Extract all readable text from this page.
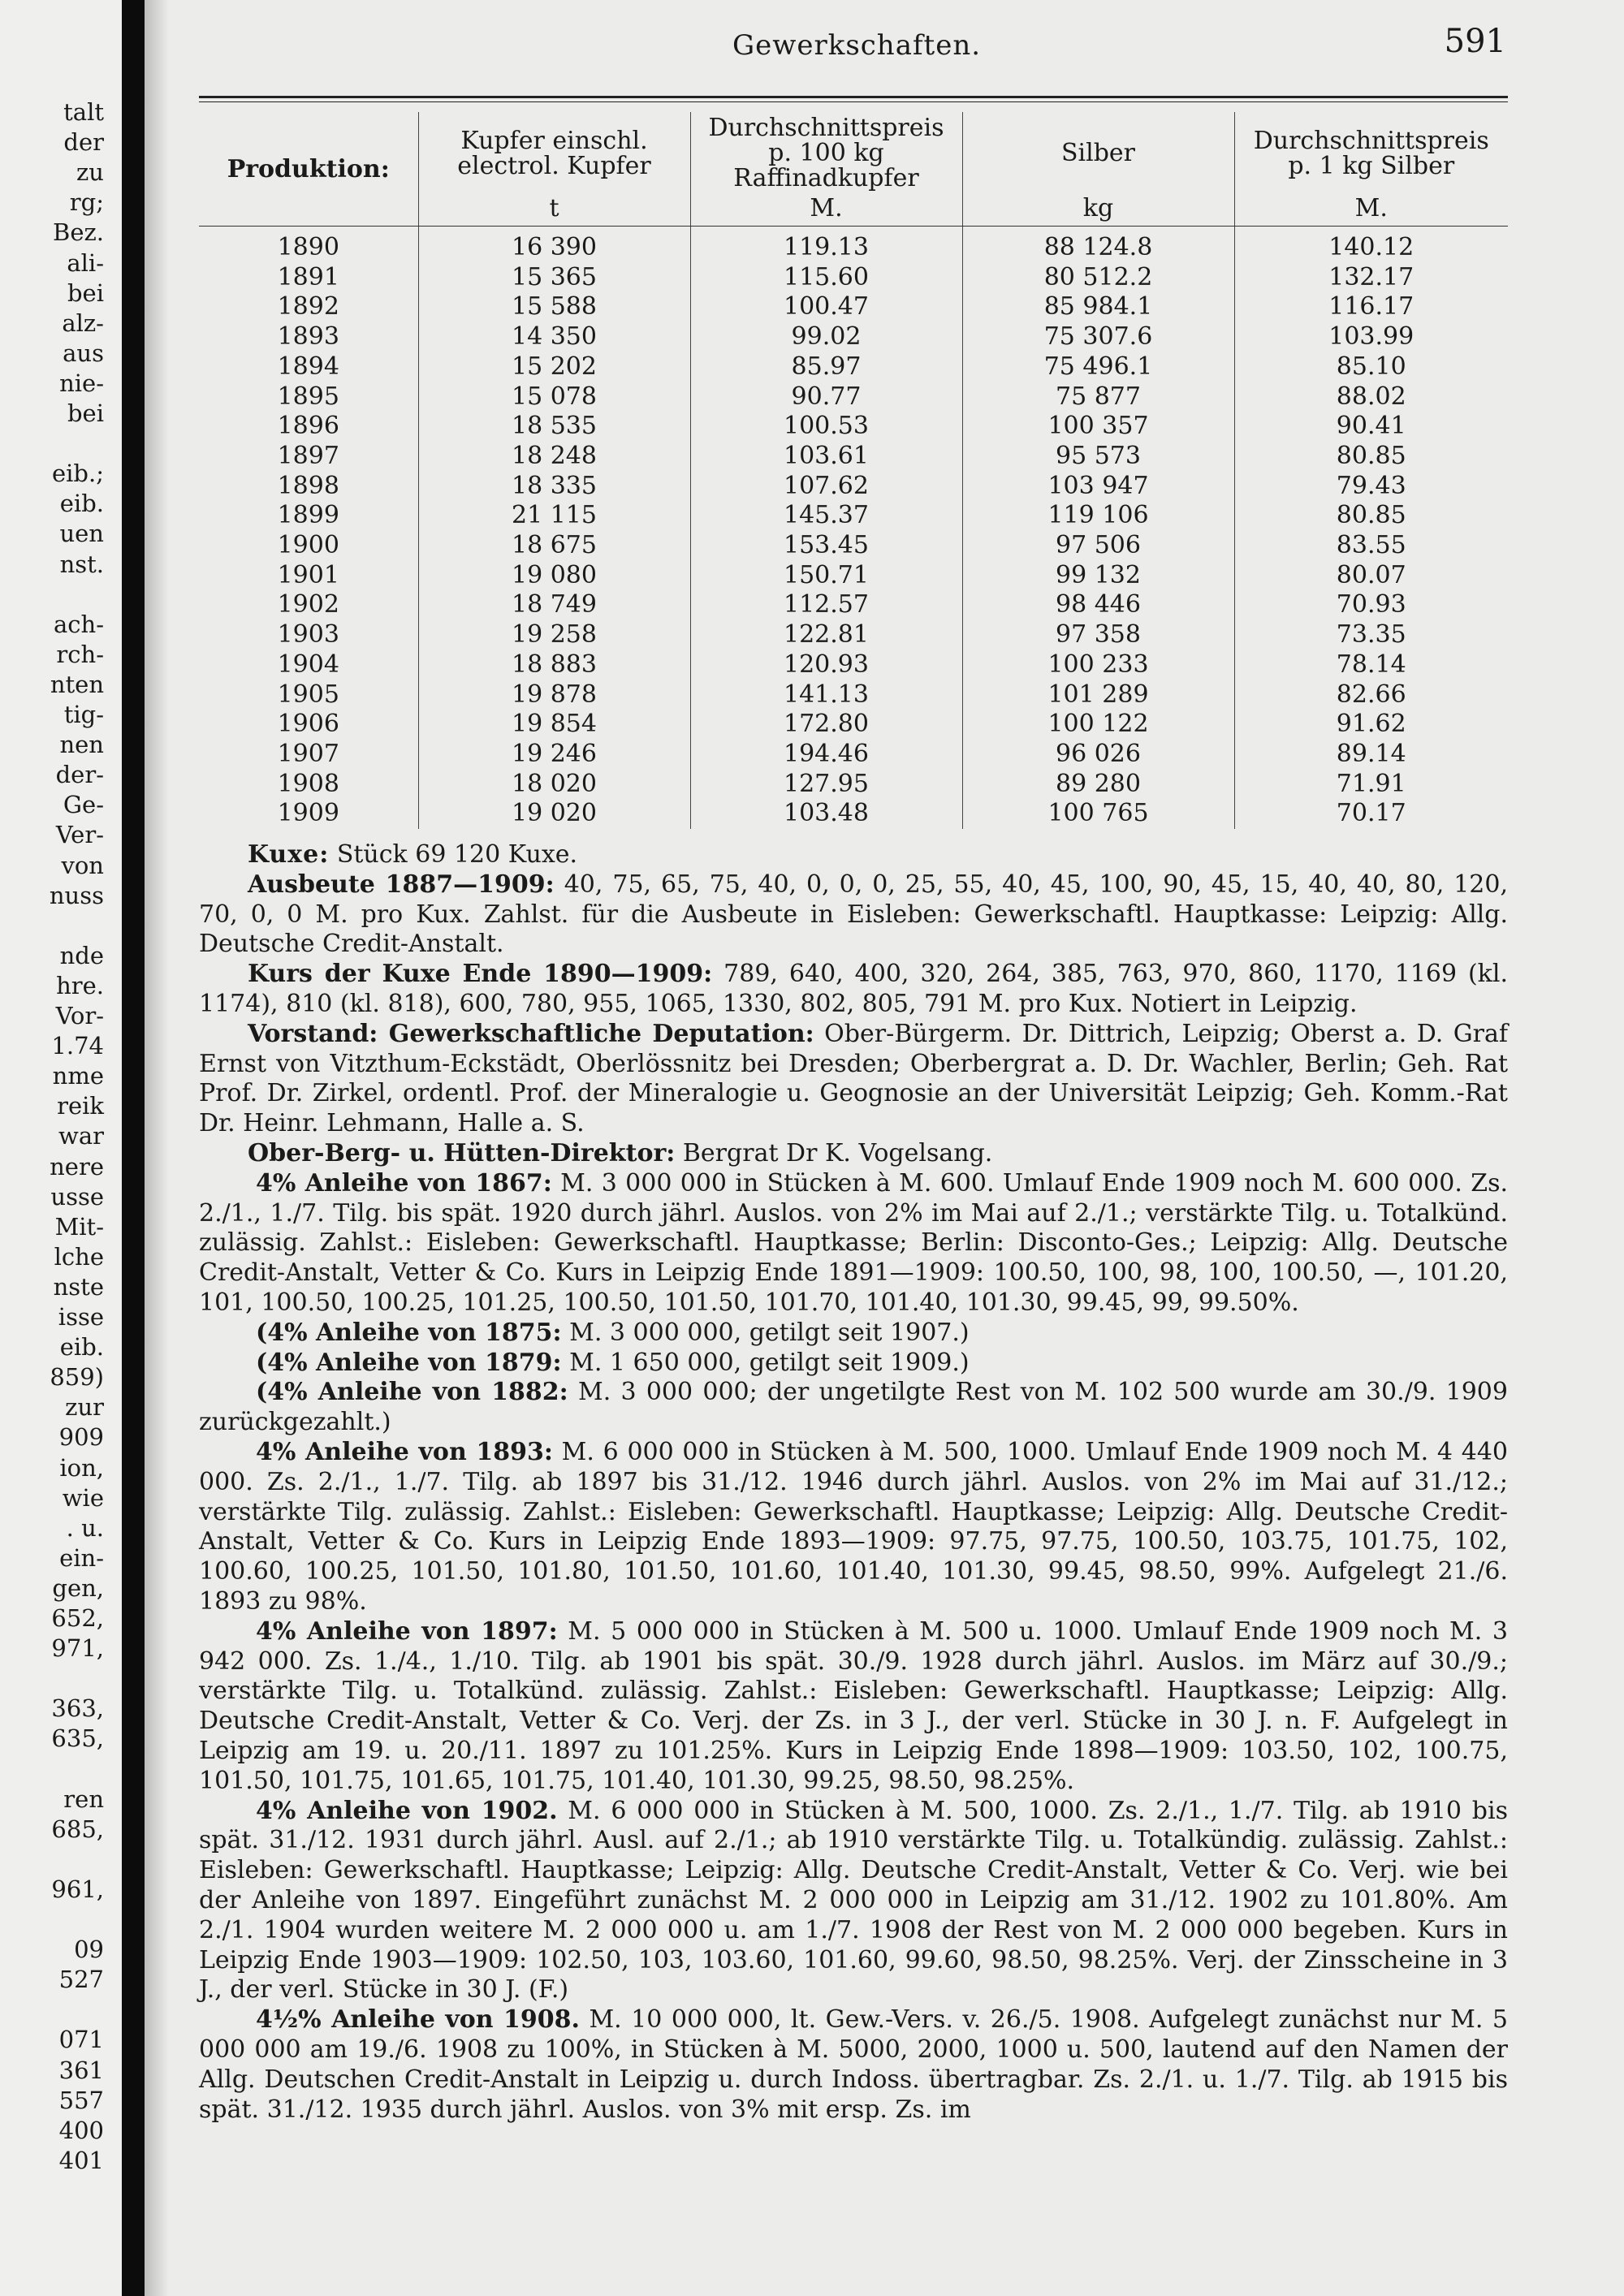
talt
der
zu
rg;
Bez.
ali-
bei
alz-
aus
nie-
bei
eib.;
eib.
uen
nst.
ach-
rch-
nten
tig-
nen
der-
Ge-
Ver-
von
nuss
nde
hre.
Vor-
1.74
nme
reik
war
nere
usse
Mit-
lche
nste
isse
eib.
859)
zur
909
ion,
wie
. u.
ein-
gen,
652,
971,
363,
635,
ren
685,
961,
09
527
071
361
557
400
401
Gewerkschaften.	591
Produktion:	Kupfer einschl. electrol. Kupfer	Durchschnittspreis p. 100 kg Raffinadkupfer	Silber	Durchschnittspreis p. 1 kg Silber
	t	M.	kg	M.
1890	16 390	119.13	88 124.8	140.12
1891	15 365	115.60	80 512.2	132.17
1892	15 588	100.47	85 984.1	116.17
1893	14 350	99.02	75 307.6	103.99
1894	15 202	85.97	75 496.1	85.10
1895	15 078	90.77	75 877	88.02
1896	18 535	100.53	100 357	90.41
1897	18 248	103.61	95 573	80.85
1898	18 335	107.62	103 947	79.43
1899	21 115	145.37	119 106	80.85
1900	18 675	153.45	97 506	83.55
1901	19 080	150.71	99 132	80.07
1902	18 749	112.57	98 446	70.93
1903	19 258	122.81	97 358	73.35
1904	18 883	120.93	100 233	78.14
1905	19 878	141.13	101 289	82.66
1906	19 854	172.80	100 122	91.62
1907	19 246	194.46	96 026	89.14
1908	18 020	127.95	89 280	71.91
1909	19 020	103.48	100 765	70.17

Kuxe: Stück 69 120 Kuxe.

Ausbeute 1887—1909: 40, 75, 65, 75, 40, 0, 0, 0, 25, 55, 40, 45, 100, 90, 45, 15, 40, 40, 80, 120, 70, 0, 0 M. pro Kux. Zahlst. für die Ausbeute in Eisleben: Gewerkschaftl. Hauptkasse: Leipzig: Allg. Deutsche Credit-Anstalt.

Kurs der Kuxe Ende 1890—1909: 789, 640, 400, 320, 264, 385, 763, 970, 860, 1170, 1169 (kl. 1174), 810 (kl. 818), 600, 780, 955, 1065, 1330, 802, 805, 791 M. pro Kux. Notiert in Leipzig.

Vorstand: Gewerkschaftliche Deputation: Ober-Bürgerm. Dr. Dittrich, Leipzig; Oberst a. D. Graf Ernst von Vitzthum-Eckstädt, Oberlössnitz bei Dresden; Oberbergrat a. D. Dr. Wachler, Berlin; Geh. Rat Prof. Dr. Zirkel, ordentl. Prof. der Mineralogie u. Geognosie an der Universität Leipzig; Geh. Komm.-Rat Dr. Heinr. Lehmann, Halle a. S.

Ober-Berg- u. Hütten-Direktor: Bergrat Dr K. Vogelsang.

4% Anleihe von 1867: M. 3 000 000 in Stücken à M. 600. Umlauf Ende 1909 noch M. 600 000. Zs. 2./1., 1./7. Tilg. bis spät. 1920 durch jährl. Auslos. von 2% im Mai auf 2./1.; verstärkte Tilg. u. Totalkünd. zulässig. Zahlst.: Eisleben: Gewerkschaftl. Hauptkasse; Berlin: Disconto-Ges.; Leipzig: Allg. Deutsche Credit-Anstalt, Vetter & Co. Kurs in Leipzig Ende 1891—1909: 100.50, 100, 98, 100, 100.50, —, 101.20, 101, 100.50, 100.25, 101.25, 100.50, 101.50, 101.70, 101.40, 101.30, 99.45, 99, 99.50%.

(4% Anleihe von 1875: M. 3 000 000, getilgt seit 1907.)

(4% Anleihe von 1879: M. 1 650 000, getilgt seit 1909.)

(4% Anleihe von 1882: M. 3 000 000; der ungetilgte Rest von M. 102 500 wurde am 30./9. 1909 zurückgezahlt.)

4% Anleihe von 1893: M. 6 000 000 in Stücken à M. 500, 1000. Umlauf Ende 1909 noch M. 4 440 000. Zs. 2./1., 1./7. Tilg. ab 1897 bis 31./12. 1946 durch jährl. Auslos. von 2% im Mai auf 31./12.; verstärkte Tilg. zulässig. Zahlst.: Eisleben: Gewerkschaftl. Hauptkasse; Leipzig: Allg. Deutsche Credit-Anstalt, Vetter & Co. Kurs in Leipzig Ende 1893—1909: 97.75, 97.75, 100.50, 103.75, 101.75, 102, 100.60, 100.25, 101.50, 101.80, 101.50, 101.60, 101.40, 101.30, 99.45, 98.50, 99%. Aufgelegt 21./6. 1893 zu 98%.

4% Anleihe von 1897: M. 5 000 000 in Stücken à M. 500 u. 1000. Umlauf Ende 1909 noch M. 3 942 000. Zs. 1./4., 1./10. Tilg. ab 1901 bis spät. 30./9. 1928 durch jährl. Auslos. im März auf 30./9.; verstärkte Tilg. u. Totalkünd. zulässig. Zahlst.: Eisleben: Gewerkschaftl. Hauptkasse; Leipzig: Allg. Deutsche Credit-Anstalt, Vetter & Co. Verj. der Zs. in 3 J., der verl. Stücke in 30 J. n. F. Aufgelegt in Leipzig am 19. u. 20./11. 1897 zu 101.25%. Kurs in Leipzig Ende 1898—1909: 103.50, 102, 100.75, 101.50, 101.75, 101.65, 101.75, 101.40, 101.30, 99.25, 98.50, 98.25%.

4% Anleihe von 1902. M. 6 000 000 in Stücken à M. 500, 1000. Zs. 2./1., 1./7. Tilg. ab 1910 bis spät. 31./12. 1931 durch jährl. Ausl. auf 2./1.; ab 1910 verstärkte Tilg. u. Totalkündig. zulässig. Zahlst.: Eisleben: Gewerkschaftl. Hauptkasse; Leipzig: Allg. Deutsche Credit-Anstalt, Vetter & Co. Verj. wie bei der Anleihe von 1897. Eingeführt zunächst M. 2 000 000 in Leipzig am 31./12. 1902 zu 101.80%. Am 2./1. 1904 wurden weitere M. 2 000 000 u. am 1./7. 1908 der Rest von M. 2 000 000 begeben. Kurs in Leipzig Ende 1903—1909: 102.50, 103, 103.60, 101.60, 99.60, 98.50, 98.25%. Verj. der Zinsscheine in 3 J., der verl. Stücke in 30 J. (F.)

4½% Anleihe von 1908. M. 10 000 000, lt. Gew.-Vers. v. 26./5. 1908. Aufgelegt zunächst nur M. 5 000 000 am 19./6. 1908 zu 100%, in Stücken à M. 5000, 2000, 1000 u. 500, lautend auf den Namen der Allg. Deutschen Credit-Anstalt in Leipzig u. durch Indoss. übertragbar. Zs. 2./1. u. 1./7. Tilg. ab 1915 bis spät. 31./12. 1935 durch jährl. Auslos. von 3% mit ersp. Zs. im
